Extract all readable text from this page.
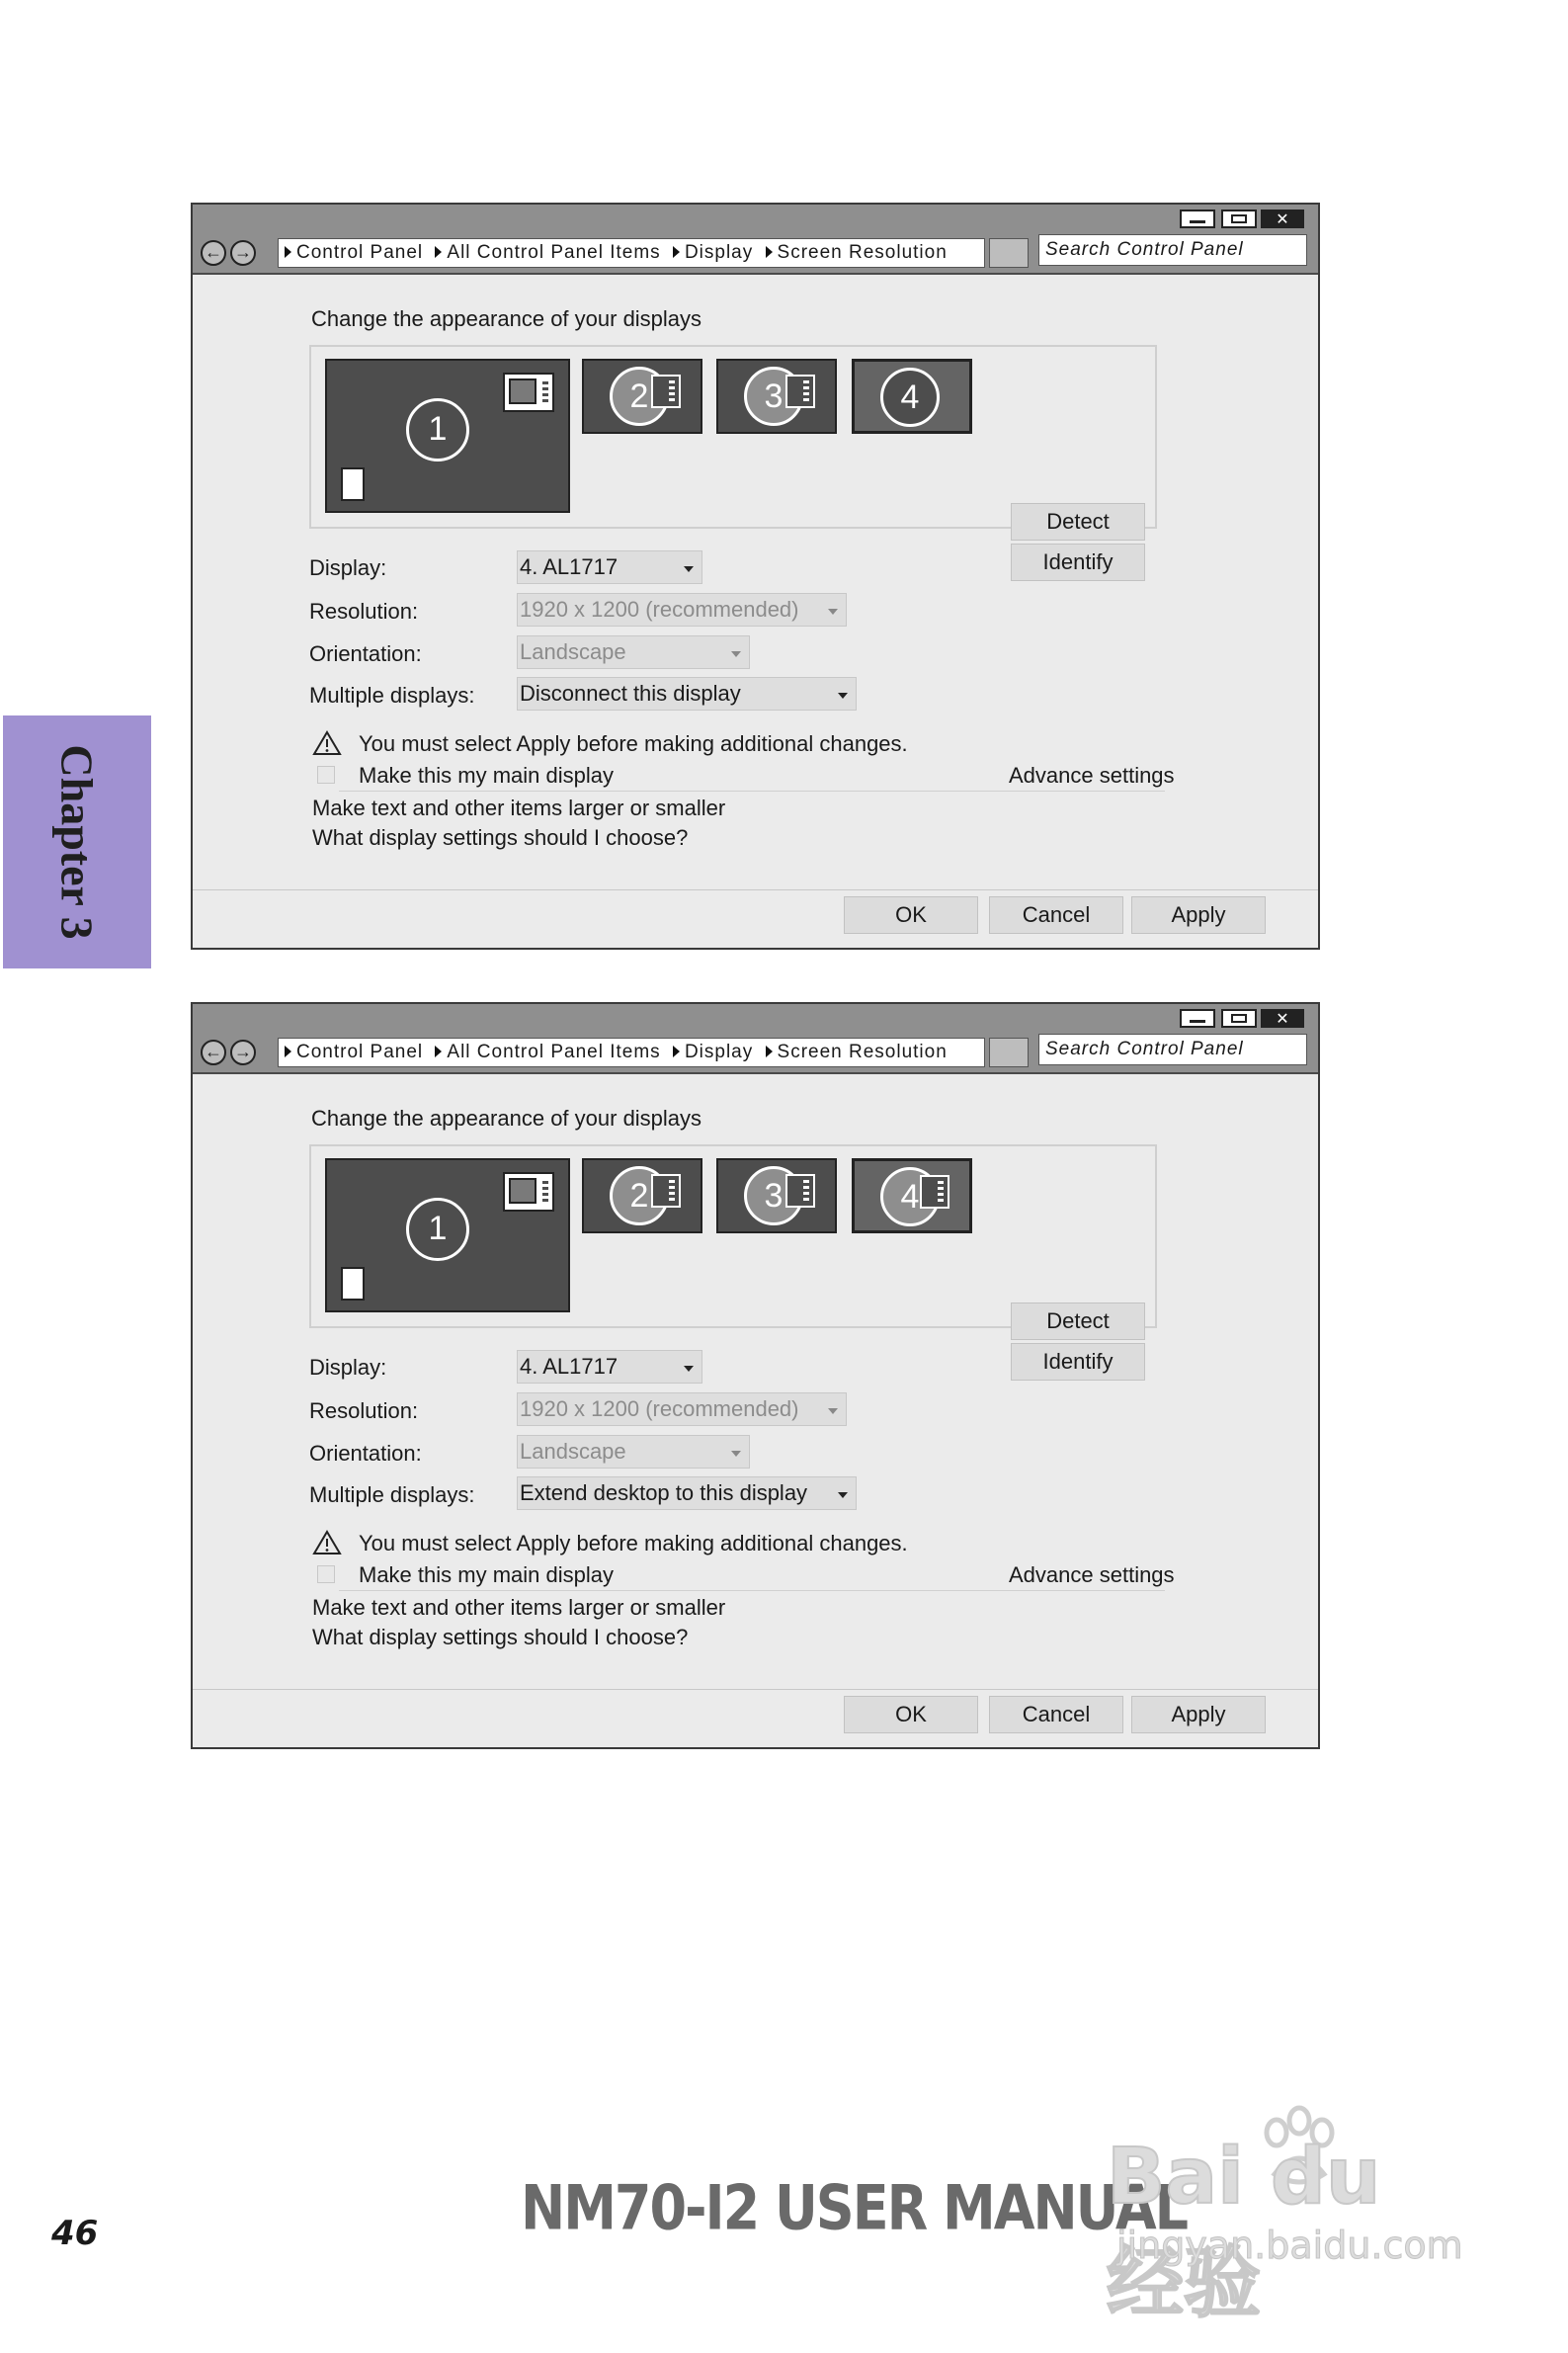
Chapter 3
✕
← →	Control Panel All Control Panel Items Display Screen Resolution	Search Control Panel
Change the appearance of your displays
1
2	3	4
Detect
Identify
Display:	4. AL1717
Resolution:	1920 x 1200 (recommended)
Orientation:	Landscape
Multiple displays: Disconnect this display
You must select Apply before making additional changes.
Make this my main display	Advance settings
Make text and other items larger or smaller
What display settings should I choose?
OK	Cancel	Apply
✕
← →	Control Panel All Control Panel Items Display Screen Resolution	Search Control Panel
Change the appearance of your displays
1
2	3	4
Detect
Identify
Display:	4. AL1717
Resolution:	1920 x 1200 (recommended)
Orientation:	Landscape
Multiple displays: Extend desktop to this display
You must select Apply before making additional changes.
Make this my main display	Advance settings
Make text and other items larger or smaller
What display settings should I choose?
OK	Cancel	Apply
46	NM70-I2 USER MANUAL
Bai du 经验
jingyan.baidu.com
